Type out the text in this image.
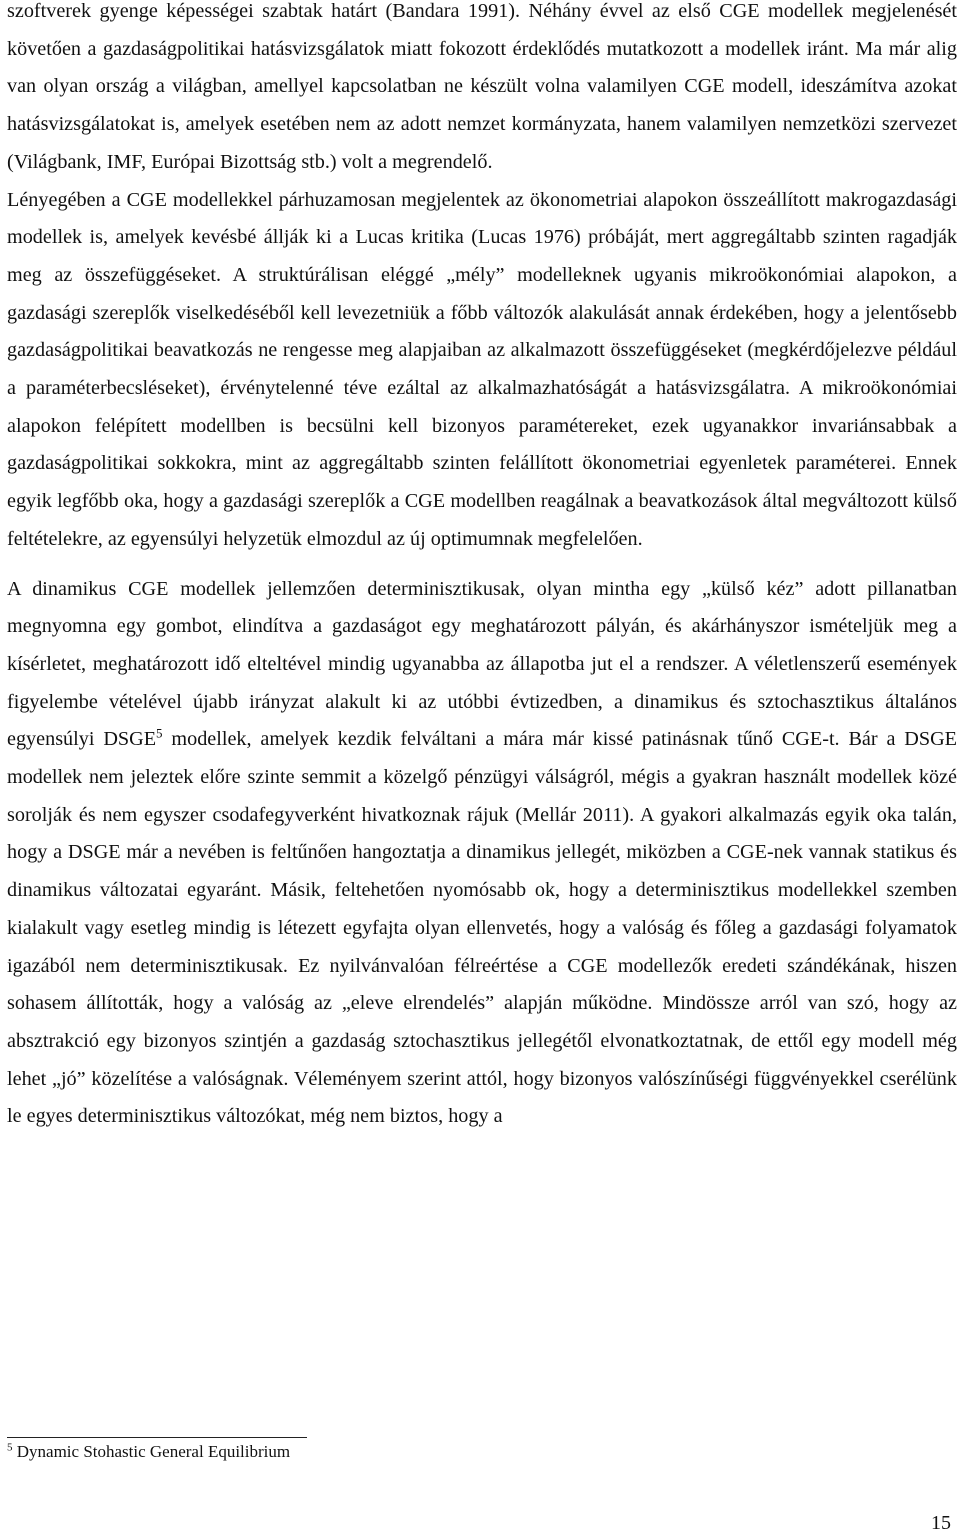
szoftverek gyenge képességei szabtak határt (Bandara 1991). Néhány évvel az első CGE modellek megjelenését követően a gazdaságpolitikai hatásvizsgálatok miatt fokozott érdeklődés mutatkozott a modellek iránt. Ma már alig van olyan ország a világban, amellyel kapcsolatban ne készült volna valamilyen CGE modell, ideszámítva azokat hatásvizsgálatokat is, amelyek esetében nem az adott nemzet kormányzata, hanem valamilyen nemzetközi szervezet (Világbank, IMF, Európai Bizottság stb.) volt a megrendelő.

Lényegében a CGE modellekkel párhuzamosan megjelentek az ökonometriai alapokon összeállított makrogazdasági modellek is, amelyek kevésbé állják ki a Lucas kritika (Lucas 1976) próbáját, mert aggregáltabb szinten ragadják meg az összefüggéseket. A struktúrálisan eléggé „mély” modelleknek ugyanis mikroökonómiai alapokon, a gazdasági szereplők viselkedéséből kell levezetniük a főbb változók alakulását annak érdekében, hogy a jelentősebb gazdaságpolitikai beavatkozás ne rengesse meg alapjaiban az alkalmazott összefüggéseket (megkérdőjelezve például a paraméterbecsléseket), érvénytelenné téve ezáltal az alkalmazhatóságát a hatásvizsgálatra. A mikroökonómiai alapokon felépített modellben is becsülni kell bizonyos paramétereket, ezek ugyanakkor invariánsabbak a gazdaságpolitikai sokkokra, mint az aggregáltabb szinten felállított ökonometriai egyenletek paraméterei. Ennek egyik legfőbb oka, hogy a gazdasági szereplők a CGE modellben reagálnak a beavatkozások által megváltozott külső feltételekre, az egyensúlyi helyzetük elmozdul az új optimumnak megfelelően.

A dinamikus CGE modellek jellemzően determinisztikusak, olyan mintha egy „külső kéz” adott pillanatban megnyomna egy gombot, elindítva a gazdaságot egy meghatározott pályán, és akárhányszor ismételjük meg a kísérletet, meghatározott idő elteltével mindig ugyanabba az állapotba jut el a rendszer. A véletlenszerű események figyelembe vételével újabb irányzat alakult ki az utóbbi évtizedben, a dinamikus és sztochasztikus általános egyensúlyi DSGE$^5$ modellek, amelyek kezdik felváltani a mára már kissé patinásnak tűnő CGE-t. Bár a DSGE modellek nem jeleztek előre szinte semmit a közelgő pénzügyi válságról, mégis a gyakran használt modellek közé sorolják és nem egyszer csodafegyverként hivatkoznak rájuk (Mellár 2011). A gyakori alkalmazás egyik oka talán, hogy a DSGE már a nevében is feltűnően hangoztatja a dinamikus jellegét, miközben a CGE-nek vannak statikus és dinamikus változatai egyaránt. Másik, feltehetően nyomósabb ok, hogy a determinisztikus modellekkel szemben kialakult vagy esetleg mindig is létezett egyfajta olyan ellenvetés, hogy a valóság és főleg a gazdasági folyamatok igazából nem determinisztikusak. Ez nyilvánvalóan félreértése a CGE modellezők eredeti szándékának, hiszen sohasem állították, hogy a valóság az „eleve elrendelés” alapján működne. Mindössze arról van szó, hogy az absztrakció egy bizonyos szintjén a gazdaság sztochasztikus jellegétől elvonatkoztatnak, de ettől egy modell még lehet „jó” közelítése a valóságnak. Véleményem szerint attól, hogy bizonyos valószínűségi függvényekkel cserélünk le egyes determinisztikus változókat, még nem biztos, hogy a

$^5$ Dynamic Stohastic General Equilibrium
15
